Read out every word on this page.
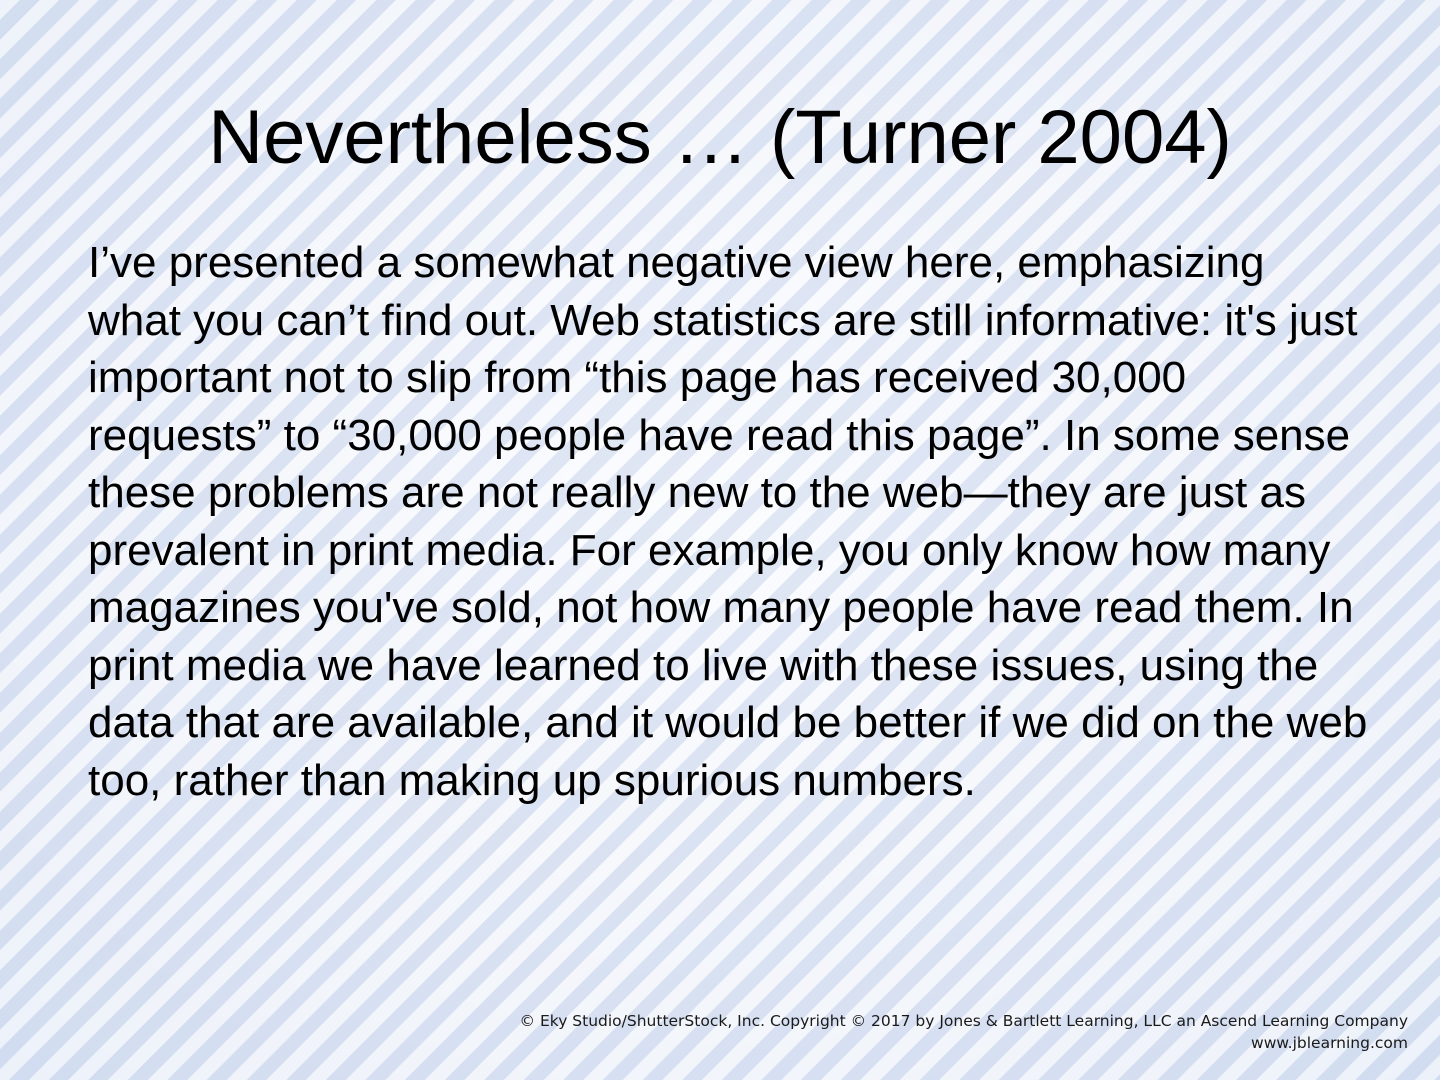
Nevertheless … (Turner 2004)

I’ve presented a somewhat negative view here, emphasizing what you can’t find out. Web statistics are still informative: it's just important not to slip from “this page has received 30,000 requests” to “30,000 people have read this page”. In some sense these problems are not really new to the web—they are just as prevalent in print media. For example, you only know how many magazines you've sold, not how many people have read them. In print media we have learned to live with these issues, using the data that are available, and it would be better if we did on the web too, rather than making up spurious numbers.

© Eky Studio/ShutterStock, Inc. Copyright © 2017 by Jones & Bartlett Learning, LLC an Ascend Learning Company
www.jblearning.com
